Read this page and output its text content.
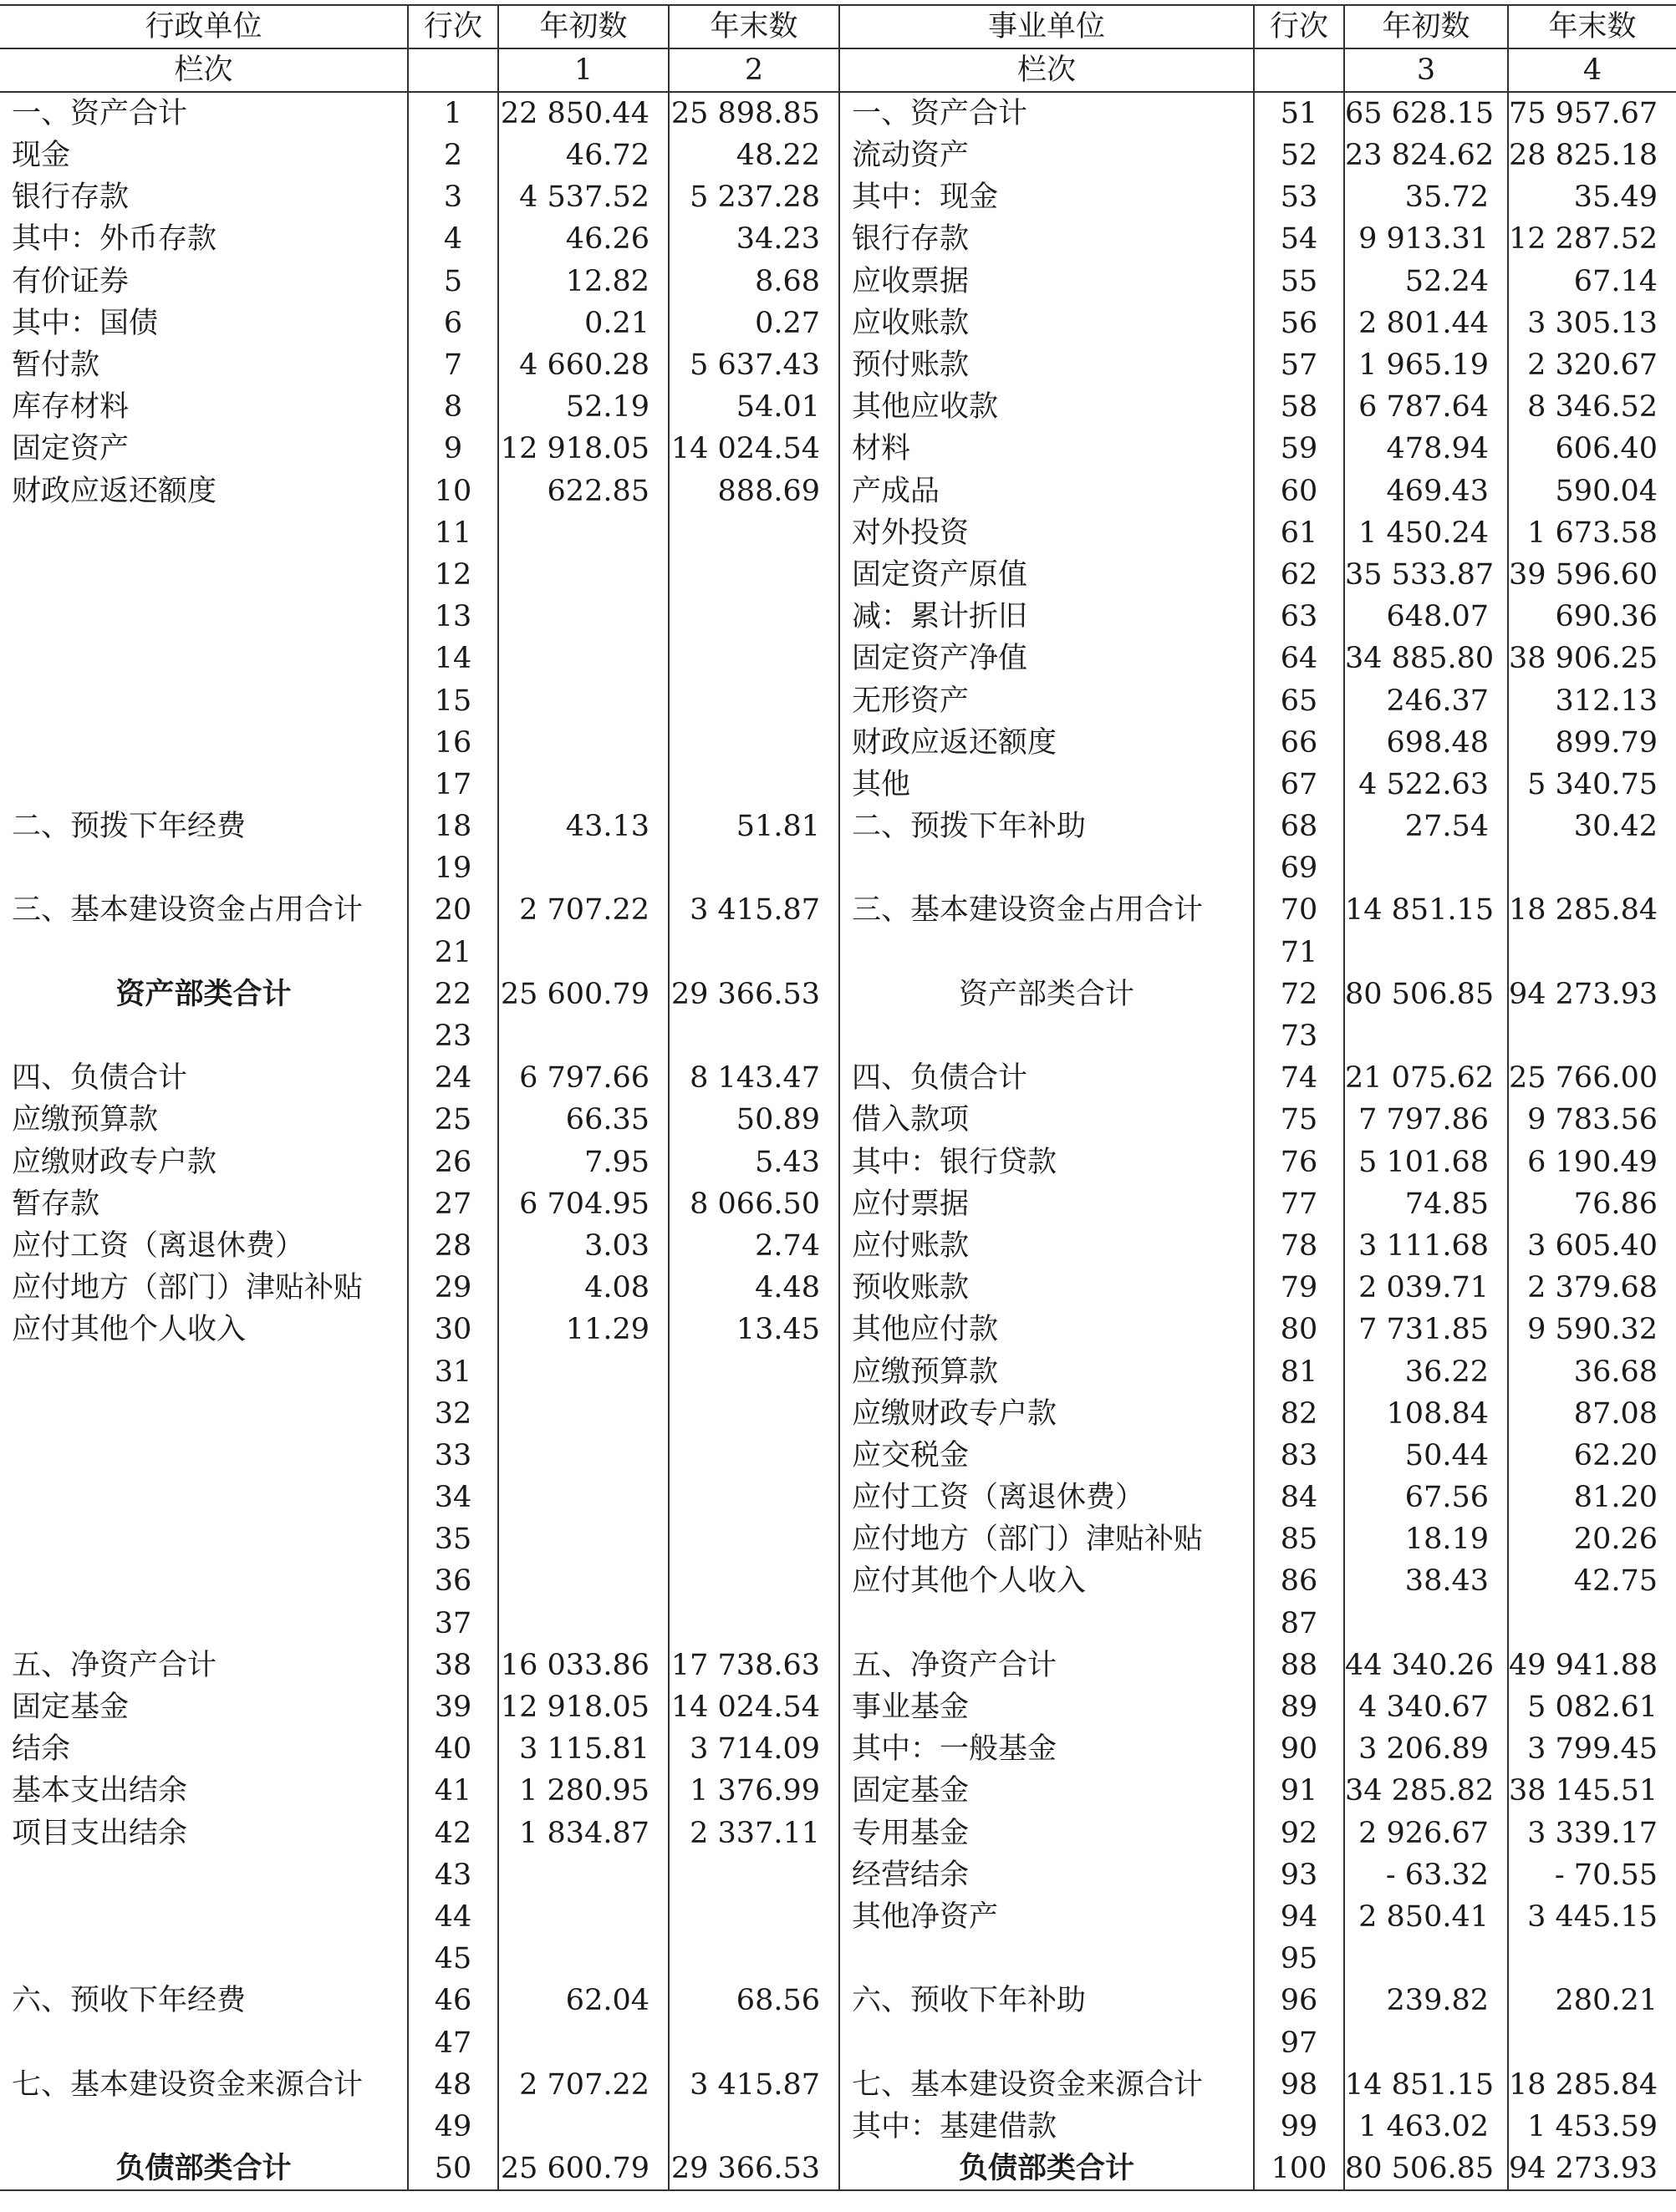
行政单位	行次	年初数	年末数	事业单位	行次	年初数	年末数
栏次		1	2	栏次		3	4
一、资产合计	1	22 850.44	25 898.85	一、资产合计	51	65 628.15	75 957.67
现金	2	46.72	48.22	流动资产	52	23 824.62	28 825.18
银行存款	3	4 537.52	5 237.28	其中：现金	53	35.72	35.49
其中：外币存款	4	46.26	34.23	银行存款	54	9 913.31	12 287.52
有价证券	5	12.82	8.68	应收票据	55	52.24	67.14
其中：国债	6	0.21	0.27	应收账款	56	2 801.44	3 305.13
暂付款	7	4 660.28	5 637.43	预付账款	57	1 965.19	2 320.67
库存材料	8	52.19	54.01	其他应收款	58	6 787.64	8 346.52
固定资产	9	12 918.05	14 024.54	材料	59	478.94	606.40
财政应返还额度	10	622.85	888.69	产成品	60	469.43	590.04
	11			对外投资	61	1 450.24	1 673.58
	12			固定资产原值	62	35 533.87	39 596.60
	13			减：累计折旧	63	648.07	690.36
	14			固定资产净值	64	34 885.80	38 906.25
	15			无形资产	65	246.37	312.13
	16			财政应返还额度	66	698.48	899.79
	17			其他	67	4 522.63	5 340.75
二、预拨下年经费	18	43.13	51.81	二、预拨下年补助	68	27.54	30.42
	19				69		
三、基本建设资金占用合计	20	2 707.22	3 415.87	三、基本建设资金占用合计	70	14 851.15	18 285.84
	21				71		
资产部类合计	22	25 600.79	29 366.53	资产部类合计	72	80 506.85	94 273.93
	23				73		
四、负债合计	24	6 797.66	8 143.47	四、负债合计	74	21 075.62	25 766.00
应缴预算款	25	66.35	50.89	借入款项	75	7 797.86	9 783.56
应缴财政专户款	26	7.95	5.43	其中：银行贷款	76	5 101.68	6 190.49
暂存款	27	6 704.95	8 066.50	应付票据	77	74.85	76.86
应付工资（离退休费）	28	3.03	2.74	应付账款	78	3 111.68	3 605.40
应付地方（部门）津贴补贴	29	4.08	4.48	预收账款	79	2 039.71	2 379.68
应付其他个人收入	30	11.29	13.45	其他应付款	80	7 731.85	9 590.32
	31			应缴预算款	81	36.22	36.68
	32			应缴财政专户款	82	108.84	87.08
	33			应交税金	83	50.44	62.20
	34			应付工资（离退休费）	84	67.56	81.20
	35			应付地方（部门）津贴补贴	85	18.19	20.26
	36			应付其他个人收入	86	38.43	42.75
	37				87		
五、净资产合计	38	16 033.86	17 738.63	五、净资产合计	88	44 340.26	49 941.88
固定基金	39	12 918.05	14 024.54	事业基金	89	4 340.67	5 082.61
结余	40	3 115.81	3 714.09	其中：一般基金	90	3 206.89	3 799.45
基本支出结余	41	1 280.95	1 376.99	固定基金	91	34 285.82	38 145.51
项目支出结余	42	1 834.87	2 337.11	专用基金	92	2 926.67	3 339.17
	43			经营结余	93	- 63.32	- 70.55
	44			其他净资产	94	2 850.41	3 445.15
	45				95		
六、预收下年经费	46	62.04	68.56	六、预收下年补助	96	239.82	280.21
	47				97		
七、基本建设资金来源合计	48	2 707.22	3 415.87	七、基本建设资金来源合计	98	14 851.15	18 285.84
	49			其中：基建借款	99	1 463.02	1 453.59
负债部类合计	50	25 600.79	29 366.53	负债部类合计	100	80 506.85	94 273.93
